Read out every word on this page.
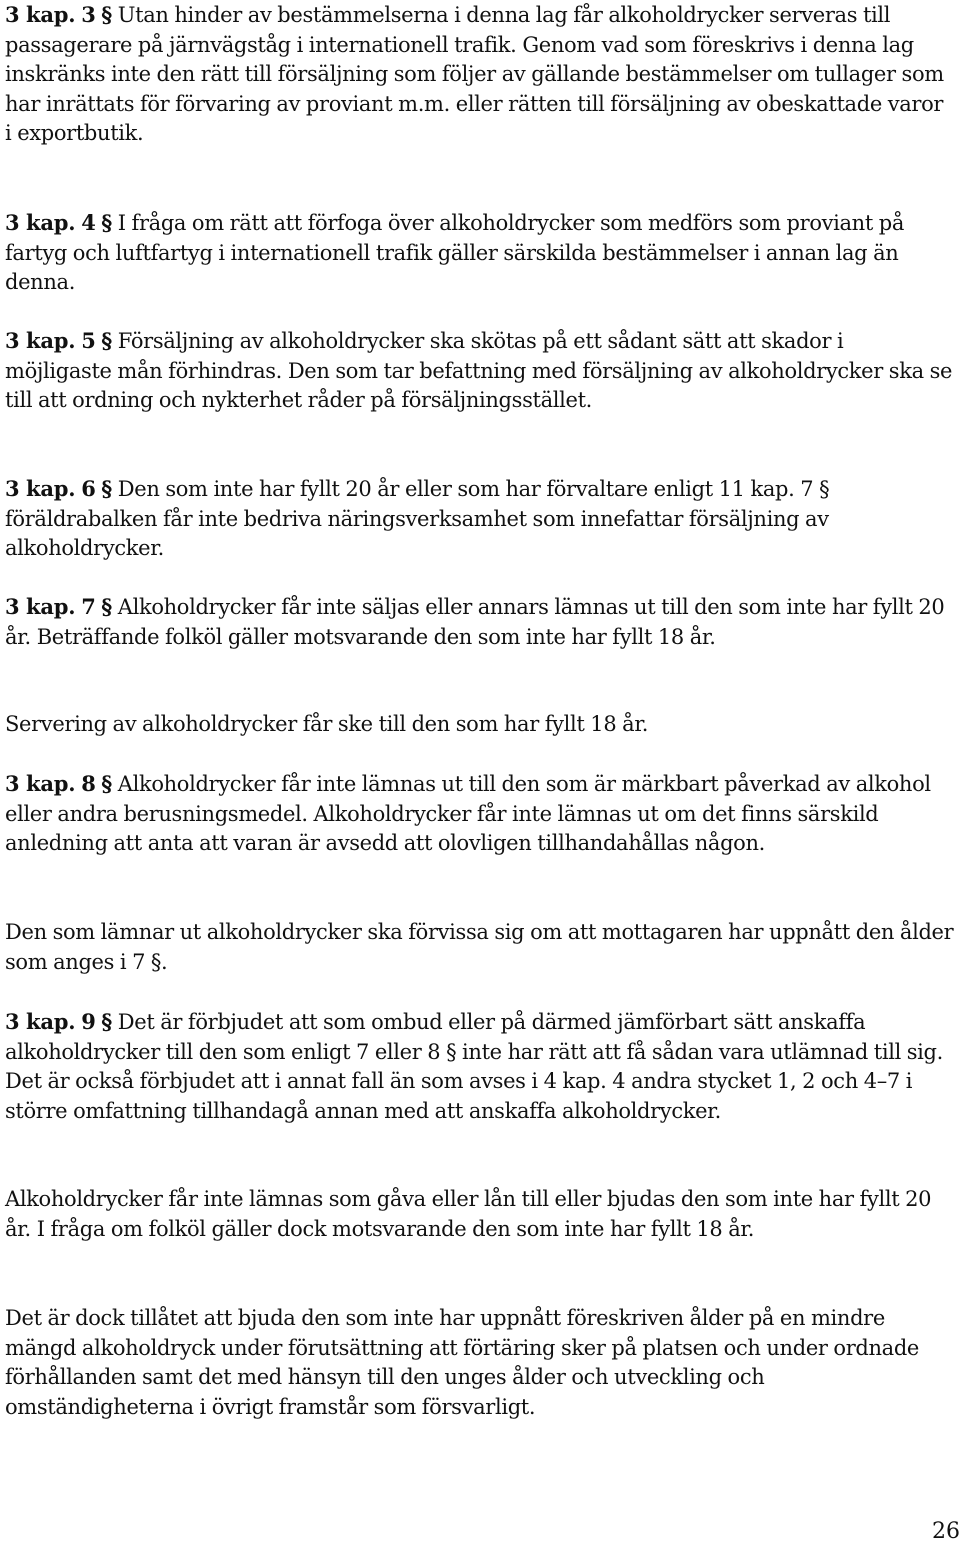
3 kap. 3 § Utan hinder av bestämmelserna i denna lag får alkoholdrycker serveras till passagerare på järnvägståg i internationell trafik. Genom vad som föreskrivs i denna lag inskränks inte den rätt till försäljning som följer av gällande bestämmelser om tullager som har inrättats för förvaring av proviant m.m. eller rätten till försäljning av obeskattade varor i exportbutik.

3 kap. 4 § I fråga om rätt att förfoga över alkoholdrycker som medförs som proviant på fartyg och luftfartyg i internationell trafik gäller särskilda bestämmelser i annan lag än denna.

3 kap. 5 § Försäljning av alkoholdrycker ska skötas på ett sådant sätt att skador i möjligaste mån förhindras. Den som tar befattning med försäljning av alkoholdrycker ska se till att ordning och nykterhet råder på försäljningsstället.

3 kap. 6 § Den som inte har fyllt 20 år eller som har förvaltare enligt 11 kap. 7 § föräldrabalken får inte bedriva näringsverksamhet som innefattar försäljning av alkoholdrycker.

3 kap. 7 § Alkoholdrycker får inte säljas eller annars lämnas ut till den som inte har fyllt 20 år. Beträffande folköl gäller motsvarande den som inte har fyllt 18 år.

Servering av alkoholdrycker får ske till den som har fyllt 18 år.

3 kap. 8 § Alkoholdrycker får inte lämnas ut till den som är märkbart påverkad av alkohol eller andra berusningsmedel. Alkoholdrycker får inte lämnas ut om det finns särskild anledning att anta att varan är avsedd att olovligen tillhandahållas någon.

Den som lämnar ut alkoholdrycker ska förvissa sig om att mottagaren har uppnått den ålder som anges i 7 §.

3 kap. 9 § Det är förbjudet att som ombud eller på därmed jämförbart sätt anskaffa alkoholdrycker till den som enligt 7 eller 8 § inte har rätt att få sådan vara utlämnad till sig. Det är också förbjudet att i annat fall än som avses i 4 kap. 4 andra stycket 1, 2 och 4–7 i större omfattning tillhandagå annan med att anskaffa alkoholdrycker.

Alkoholdrycker får inte lämnas som gåva eller lån till eller bjudas den som inte har fyllt 20 år. I fråga om folköl gäller dock motsvarande den som inte har fyllt 18 år.

Det är dock tillåtet att bjuda den som inte har uppnått föreskriven ålder på en mindre mängd alkoholdryck under förutsättning att förtäring sker på platsen och under ordnade förhållanden samt det med hänsyn till den unges ålder och utveckling och omständigheterna i övrigt framstår som försvarligt.

26
